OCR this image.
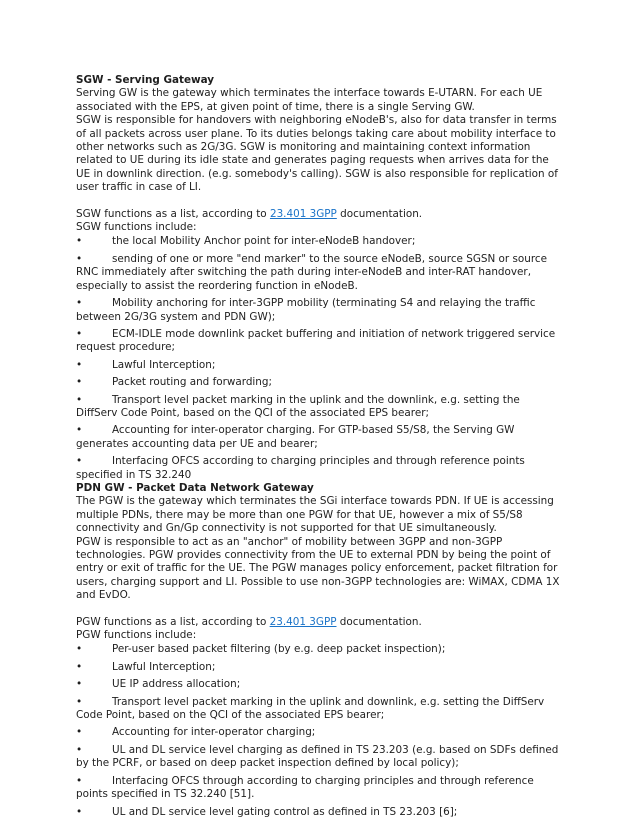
SGW - Serving Gateway

Serving GW is the gateway which terminates the interface towards E-UTARN. For each UE associated with the EPS, at given point of time, there is a single Serving GW.

SGW is responsible for handovers with neighboring eNodeB's, also for data transfer in terms of all packets across user plane. To its duties belongs taking care about mobility interface to other networks such as 2G/3G. SGW is monitoring and maintaining context information related to UE during its idle state and generates paging requests when arrives data for the UE in downlink direction. (e.g. somebody's calling). SGW is also responsible for replication of user traffic in case of LI.

SGW functions as a list, according to 23.401 3GPP documentation.

SGW functions include:

•	the local Mobility Anchor point for inter-eNodeB handover;

•	sending of one or more "end marker" to the source eNodeB, source SGSN or source RNC immediately after switching the path during inter-eNodeB and inter-RAT handover, especially to assist the reordering function in eNodeB.

•	Mobility anchoring for inter-3GPP mobility (terminating S4 and relaying the traffic between 2G/3G system and PDN GW);

•	ECM-IDLE mode downlink packet buffering and initiation of network triggered service request procedure;

•	Lawful Interception;

•	Packet routing and forwarding;

•	Transport level packet marking in the uplink and the downlink, e.g. setting the DiffServ Code Point, based on the QCI of the associated EPS bearer;

•	Accounting for inter-operator charging. For GTP-based S5/S8, the Serving GW generates accounting data per UE and bearer;

•	Interfacing OFCS according to charging principles and through reference points specified in TS 32.240

PDN GW - Packet Data Network Gateway

The PGW is the gateway which terminates the SGi interface towards PDN. If UE is accessing multiple PDNs, there may be more than one PGW for that UE, however a mix of S5/S8 connectivity and Gn/Gp connectivity is not supported for that UE simultaneously.

PGW is responsible to act as an "anchor" of mobility between 3GPP and non-3GPP technologies. PGW provides connectivity from the UE to external PDN by being the point of entry or exit of traffic for the UE. The PGW manages policy enforcement, packet filtration for users, charging support and LI. Possible to use non-3GPP technologies are: WiMAX, CDMA 1X and EvDO.

PGW functions as a list, according to 23.401 3GPP documentation.

PGW functions include:

•	Per-user based packet filtering (by e.g. deep packet inspection);

•	Lawful Interception;

•	UE IP address allocation;

•	Transport level packet marking in the uplink and downlink, e.g. setting the DiffServ Code Point, based on the QCI of the associated EPS bearer;

•	Accounting for inter-operator charging;

•	UL and DL service level charging as defined in TS 23.203 (e.g. based on SDFs defined by the PCRF, or based on deep packet inspection defined by local policy);

•	Interfacing OFCS through according to charging principles and through reference points specified in TS 32.240 [51].

•	UL and DL service level gating control as defined in TS 23.203 [6];
